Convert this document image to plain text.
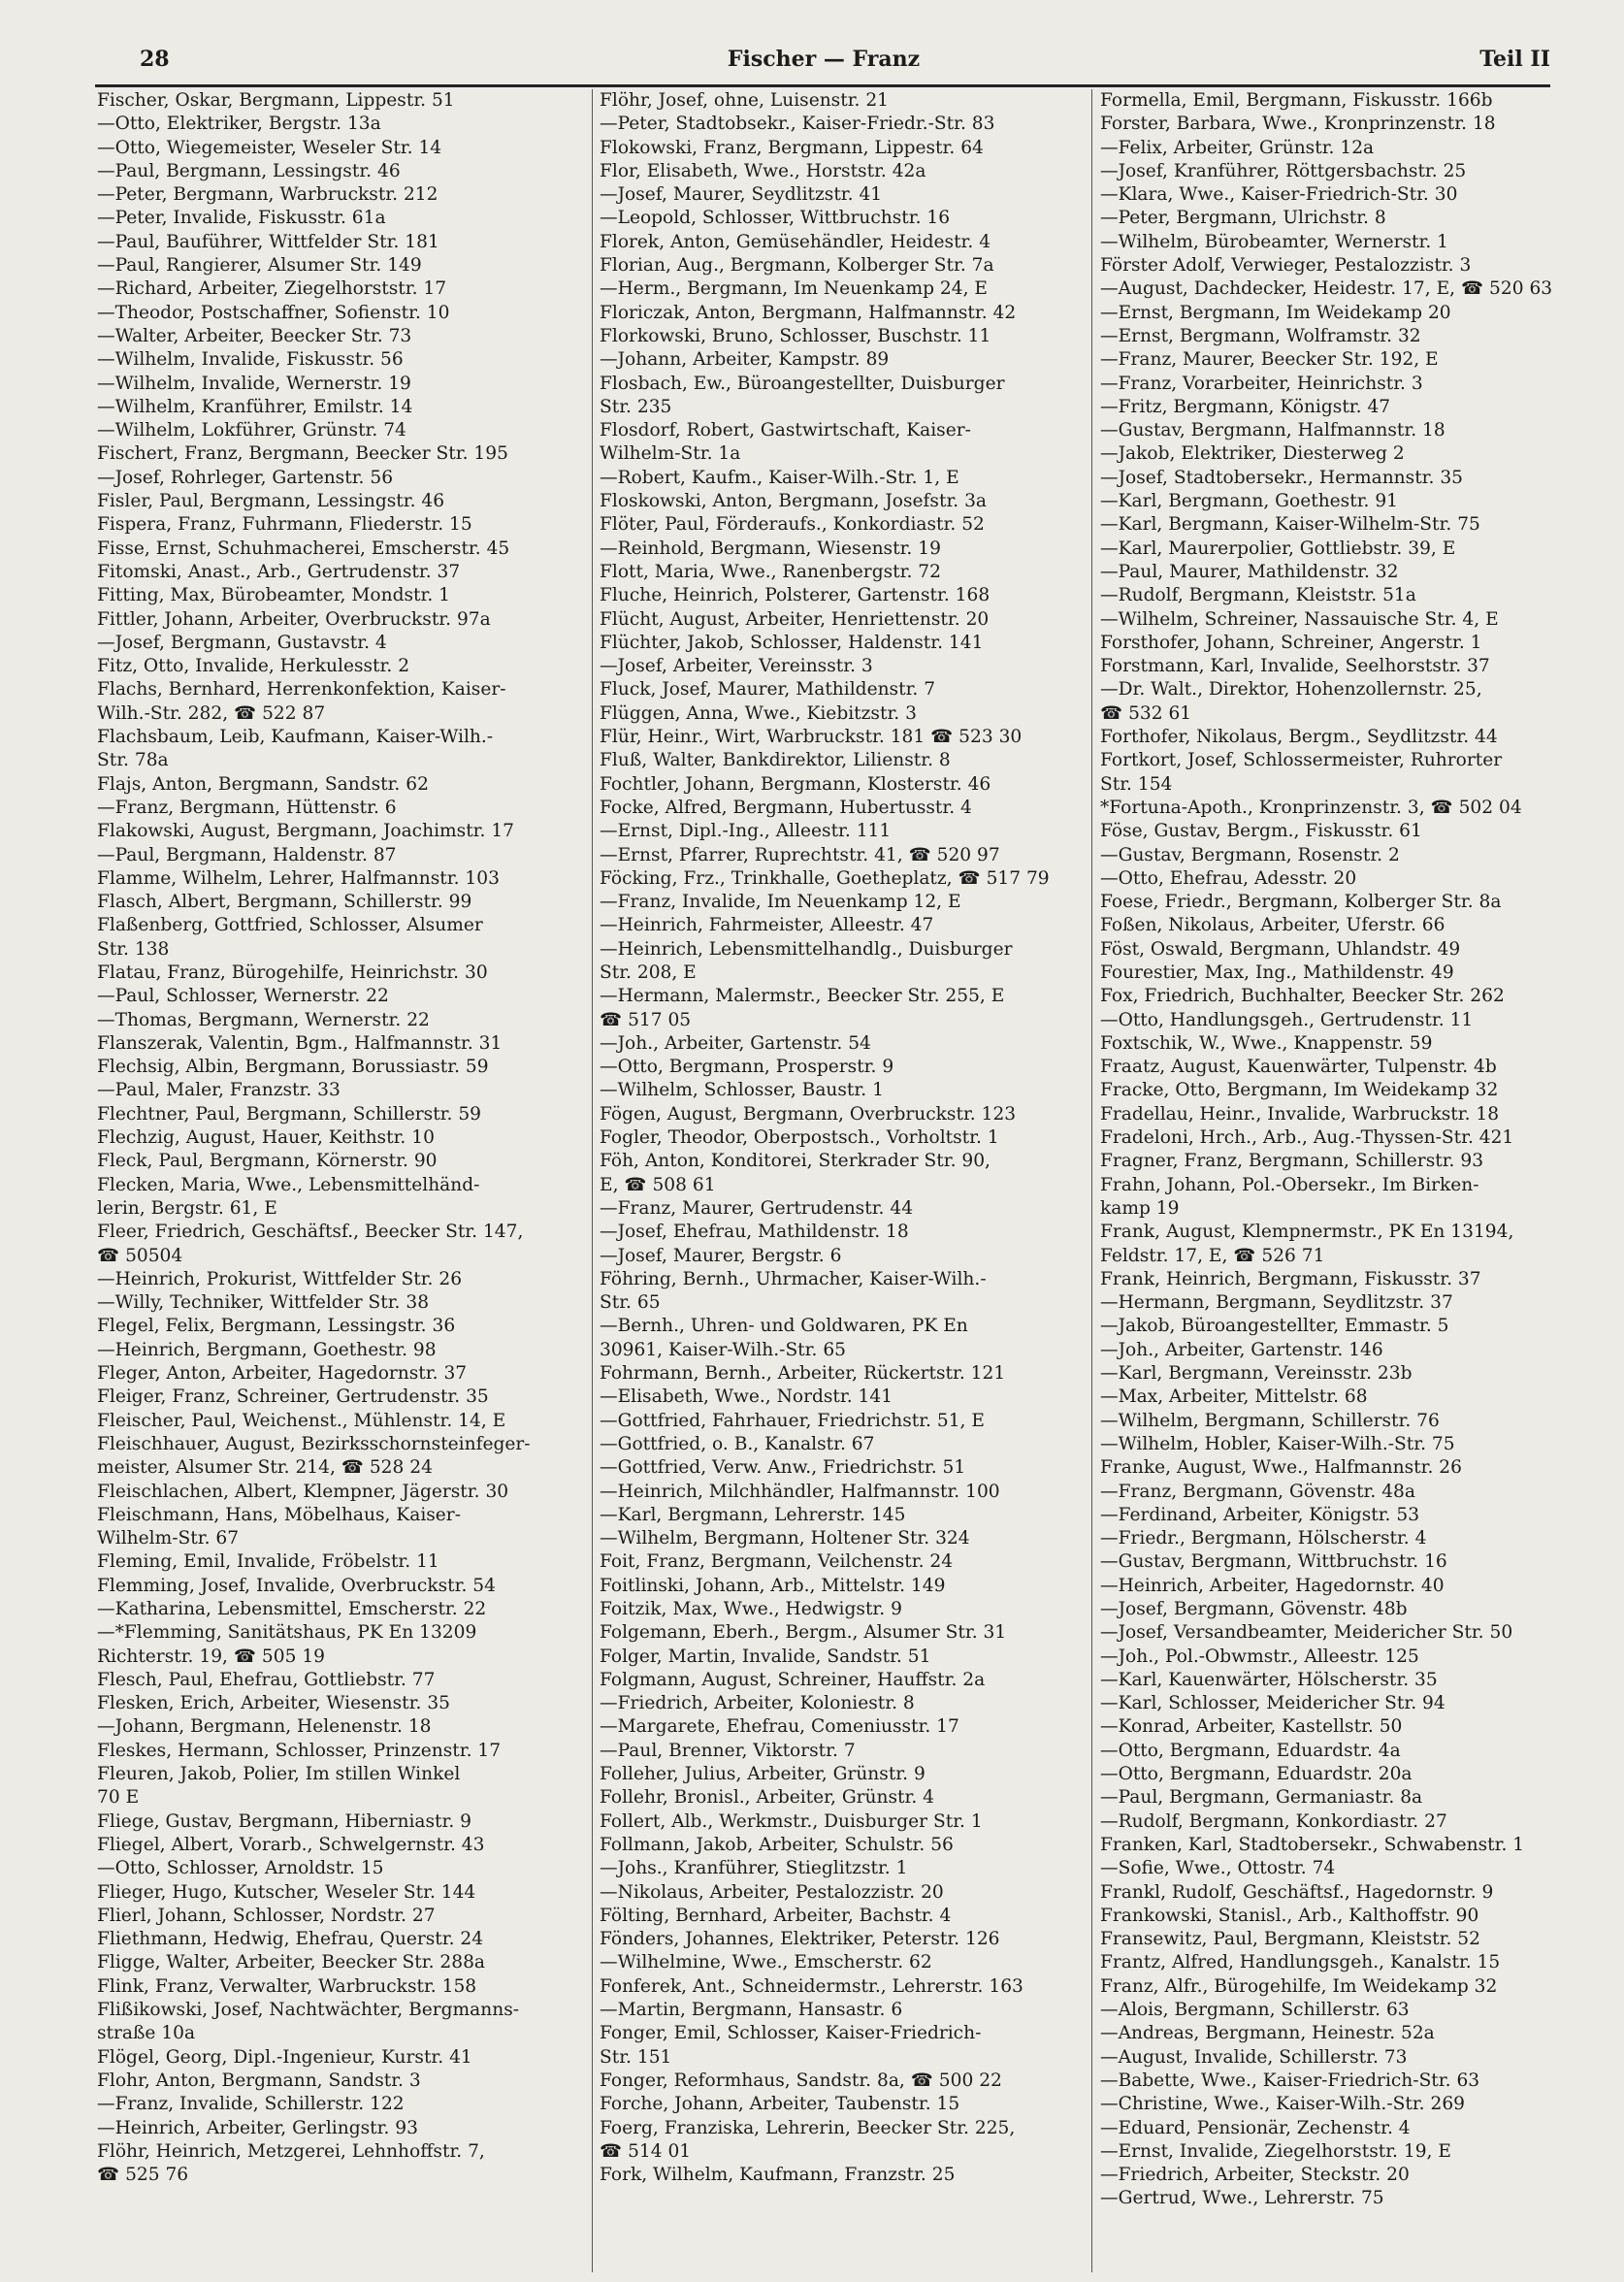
28	Fischer — Franz	Teil II
Fischer, Oskar, Bergmann, Lippestr. 51
—Otto, Elektriker, Bergstr. 13a
—Otto, Wiegemeister, Weseler Str. 14
—Paul, Bergmann, Lessingstr. 46
—Peter, Bergmann, Warbruckstr. 212
—Peter, Invalide, Fiskusstr. 61a
—Paul, Bauführer, Wittfelder Str. 181
—Paul, Rangierer, Alsumer Str. 149
—Richard, Arbeiter, Ziegelhorststr. 17
—Theodor, Postschaffner, Sofienstr. 10
—Walter, Arbeiter, Beecker Str. 73
—Wilhelm, Invalide, Fiskusstr. 56
—Wilhelm, Invalide, Wernerstr. 19
—Wilhelm, Kranführer, Emilstr. 14
—Wilhelm, Lokführer, Grünstr. 74
Fischert, Franz, Bergmann, Beecker Str. 195
—Josef, Rohrleger, Gartenstr. 56
Fisler, Paul, Bergmann, Lessingstr. 46
Fispera, Franz, Fuhrmann, Fliederstr. 15
Fisse, Ernst, Schuhmacherei, Emscherstr. 45
Fitomski, Anast., Arb., Gertrudenstr. 37
Fitting, Max, Bürobeamter, Mondstr. 1
Fittler, Johann, Arbeiter, Overbruckstr. 97a
—Josef, Bergmann, Gustavstr. 4
Fitz, Otto, Invalide, Herkulesstr. 2
Flachs, Bernhard, Herrenkonfektion, Kaiser-
Wilh.-Str. 282, ☎ 522 87
Flachsbaum, Leib, Kaufmann, Kaiser-Wilh.-
Str. 78a
Flajs, Anton, Bergmann, Sandstr. 62
—Franz, Bergmann, Hüttenstr. 6
Flakowski, August, Bergmann, Joachimstr. 17
—Paul, Bergmann, Haldenstr. 87
Flamme, Wilhelm, Lehrer, Halfmannstr. 103
Flasch, Albert, Bergmann, Schillerstr. 99
Flaßenberg, Gottfried, Schlosser, Alsumer
Str. 138
Flatau, Franz, Bürogehilfe, Heinrichstr. 30
—Paul, Schlosser, Wernerstr. 22
—Thomas, Bergmann, Wernerstr. 22
Flanszerak, Valentin, Bgm., Halfmannstr. 31
Flechsig, Albin, Bergmann, Borussiastr. 59
—Paul, Maler, Franzstr. 33
Flechtner, Paul, Bergmann, Schillerstr. 59
Flechzig, August, Hauer, Keithstr. 10
Fleck, Paul, Bergmann, Körnerstr. 90
Flecken, Maria, Wwe., Lebensmittelhänd-
lerin, Bergstr. 61, E
Fleer, Friedrich, Geschäftsf., Beecker Str. 147,
☎ 50504
—Heinrich, Prokurist, Wittfelder Str. 26
—Willy, Techniker, Wittfelder Str. 38
Flegel, Felix, Bergmann, Lessingstr. 36
—Heinrich, Bergmann, Goethestr. 98
Fleger, Anton, Arbeiter, Hagedornstr. 37
Fleiger, Franz, Schreiner, Gertrudenstr. 35
Fleischer, Paul, Weichenst., Mühlenstr. 14, E
Fleischhauer, August, Bezirksschornsteinfeger-
meister, Alsumer Str. 214, ☎ 528 24
Fleischlachen, Albert, Klempner, Jägerstr. 30
Fleischmann, Hans, Möbelhaus, Kaiser-
Wilhelm-Str. 67
Fleming, Emil, Invalide, Fröbelstr. 11
Flemming, Josef, Invalide, Overbruckstr. 54
—Katharina, Lebensmittel, Emscherstr. 22
—*Flemming, Sanitätshaus, PK En 13209
Richterstr. 19, ☎ 505 19
Flesch, Paul, Ehefrau, Gottliebstr. 77
Flesken, Erich, Arbeiter, Wiesenstr. 35
—Johann, Bergmann, Helenenstr. 18
Fleskes, Hermann, Schlosser, Prinzenstr. 17
Fleuren, Jakob, Polier, Im stillen Winkel
70 E
Fliege, Gustav, Bergmann, Hiberniastr. 9
Fliegel, Albert, Vorarb., Schwelgernstr. 43
—Otto, Schlosser, Arnoldstr. 15
Flieger, Hugo, Kutscher, Weseler Str. 144
Flierl, Johann, Schlosser, Nordstr. 27
Fliethmann, Hedwig, Ehefrau, Querstr. 24
Fligge, Walter, Arbeiter, Beecker Str. 288a
Flink, Franz, Verwalter, Warbruckstr. 158
Flißikowski, Josef, Nachtwächter, Bergmanns-
straße 10a
Flögel, Georg, Dipl.-Ingenieur, Kurstr. 41
Flohr, Anton, Bergmann, Sandstr. 3
—Franz, Invalide, Schillerstr. 122
—Heinrich, Arbeiter, Gerlingstr. 93
Flöhr, Heinrich, Metzgerei, Lehnhoffstr. 7,
☎ 525 76
Flöhr, Josef, ohne, Luisenstr. 21
—Peter, Stadtobsekr., Kaiser-Friedr.-Str. 83
Flokowski, Franz, Bergmann, Lippestr. 64
Flor, Elisabeth, Wwe., Horststr. 42a
—Josef, Maurer, Seydlitzstr. 41
—Leopold, Schlosser, Wittbruchstr. 16
Florek, Anton, Gemüsehändler, Heidestr. 4
Florian, Aug., Bergmann, Kolberger Str. 7a
—Herm., Bergmann, Im Neuenkamp 24, E
Floriczak, Anton, Bergmann, Halfmannstr. 42
Florkowski, Bruno, Schlosser, Buschstr. 11
—Johann, Arbeiter, Kampstr. 89
Flosbach, Ew., Büroangestellter, Duisburger
Str. 235
Flosdorf, Robert, Gastwirtschaft, Kaiser-
Wilhelm-Str. 1a
—Robert, Kaufm., Kaiser-Wilh.-Str. 1, E
Floskowski, Anton, Bergmann, Josefstr. 3a
Flöter, Paul, Förderaufs., Konkordiastr. 52
—Reinhold, Bergmann, Wiesenstr. 19
Flott, Maria, Wwe., Ranenbergstr. 72
Fluche, Heinrich, Polsterer, Gartenstr. 168
Flücht, August, Arbeiter, Henriettenstr. 20
Flüchter, Jakob, Schlosser, Haldenstr. 141
—Josef, Arbeiter, Vereinsstr. 3
Fluck, Josef, Maurer, Mathildenstr. 7
Flüggen, Anna, Wwe., Kiebitzstr. 3
Flür, Heinr., Wirt, Warbruckstr. 181 ☎ 523 30
Fluß, Walter, Bankdirektor, Lilienstr. 8
Fochtler, Johann, Bergmann, Klosterstr. 46
Focke, Alfred, Bergmann, Hubertusstr. 4
—Ernst, Dipl.-Ing., Alleestr. 111
—Ernst, Pfarrer, Ruprechtstr. 41, ☎ 520 97
Föcking, Frz., Trinkhalle, Goetheplatz, ☎ 517 79
—Franz, Invalide, Im Neuenkamp 12, E
—Heinrich, Fahrmeister, Alleestr. 47
—Heinrich, Lebensmittelhandlg., Duisburger
Str. 208, E
—Hermann, Malermstr., Beecker Str. 255, E
☎ 517 05
—Joh., Arbeiter, Gartenstr. 54
—Otto, Bergmann, Prosperstr. 9
—Wilhelm, Schlosser, Baustr. 1
Fögen, August, Bergmann, Overbruckstr. 123
Fogler, Theodor, Oberpostsch., Vorholtstr. 1
Föh, Anton, Konditorei, Sterkrader Str. 90,
E, ☎ 508 61
—Franz, Maurer, Gertrudenstr. 44
—Josef, Ehefrau, Mathildenstr. 18
—Josef, Maurer, Bergstr. 6
Föhring, Bernh., Uhrmacher, Kaiser-Wilh.-
Str. 65
—Bernh., Uhren- und Goldwaren, PK En
30961, Kaiser-Wilh.-Str. 65
Fohrmann, Bernh., Arbeiter, Rückertstr. 121
—Elisabeth, Wwe., Nordstr. 141
—Gottfried, Fahrhauer, Friedrichstr. 51, E
—Gottfried, o. B., Kanalstr. 67
—Gottfried, Verw. Anw., Friedrichstr. 51
—Heinrich, Milchhändler, Halfmannstr. 100
—Karl, Bergmann, Lehrerstr. 145
—Wilhelm, Bergmann, Holtener Str. 324
Foit, Franz, Bergmann, Veilchenstr. 24
Foitlinski, Johann, Arb., Mittelstr. 149
Foitzik, Max, Wwe., Hedwigstr. 9
Folgemann, Eberh., Bergm., Alsumer Str. 31
Folger, Martin, Invalide, Sandstr. 51
Folgmann, August, Schreiner, Hauffstr. 2a
—Friedrich, Arbeiter, Koloniestr. 8
—Margarete, Ehefrau, Comeniusstr. 17
—Paul, Brenner, Viktorstr. 7
Folleher, Julius, Arbeiter, Grünstr. 9
Follehr, Bronisl., Arbeiter, Grünstr. 4
Follert, Alb., Werkmstr., Duisburger Str. 1
Follmann, Jakob, Arbeiter, Schulstr. 56
—Johs., Kranführer, Stieglitzstr. 1
—Nikolaus, Arbeiter, Pestalozzistr. 20
Fölting, Bernhard, Arbeiter, Bachstr. 4
Fönders, Johannes, Elektriker, Peterstr. 126
—Wilhelmine, Wwe., Emscherstr. 62
Fonferek, Ant., Schneidermstr., Lehrerstr. 163
—Martin, Bergmann, Hansastr. 6
Fonger, Emil, Schlosser, Kaiser-Friedrich-
Str. 151
Fonger, Reformhaus, Sandstr. 8a, ☎ 500 22
Forche, Johann, Arbeiter, Taubenstr. 15
Foerg, Franziska, Lehrerin, Beecker Str. 225,
☎ 514 01
Fork, Wilhelm, Kaufmann, Franzstr. 25
Formella, Emil, Bergmann, Fiskusstr. 166b
Forster, Barbara, Wwe., Kronprinzenstr. 18
—Felix, Arbeiter, Grünstr. 12a
—Josef, Kranführer, Röttgersbachstr. 25
—Klara, Wwe., Kaiser-Friedrich-Str. 30
—Peter, Bergmann, Ulrichstr. 8
—Wilhelm, Bürobeamter, Wernerstr. 1
Förster Adolf, Verwieger, Pestalozzistr. 3
—August, Dachdecker, Heidestr. 17, E, ☎ 520 63
—Ernst, Bergmann, Im Weidekamp 20
—Ernst, Bergmann, Wolframstr. 32
—Franz, Maurer, Beecker Str. 192, E
—Franz, Vorarbeiter, Heinrichstr. 3
—Fritz, Bergmann, Königstr. 47
—Gustav, Bergmann, Halfmannstr. 18
—Jakob, Elektriker, Diesterweg 2
—Josef, Stadtobersekr., Hermannstr. 35
—Karl, Bergmann, Goethestr. 91
—Karl, Bergmann, Kaiser-Wilhelm-Str. 75
—Karl, Maurerpolier, Gottliebstr. 39, E
—Paul, Maurer, Mathildenstr. 32
—Rudolf, Bergmann, Kleiststr. 51a
—Wilhelm, Schreiner, Nassauische Str. 4, E
Forsthofer, Johann, Schreiner, Angerstr. 1
Forstmann, Karl, Invalide, Seelhorststr. 37
—Dr. Walt., Direktor, Hohenzollernstr. 25,
☎ 532 61
Forthofer, Nikolaus, Bergm., Seydlitzstr. 44
Fortkort, Josef, Schlossermeister, Ruhrorter
Str. 154
*Fortuna-Apoth., Kronprinzenstr. 3, ☎ 502 04
Föse, Gustav, Bergm., Fiskusstr. 61
—Gustav, Bergmann, Rosenstr. 2
—Otto, Ehefrau, Adesstr. 20
Foese, Friedr., Bergmann, Kolberger Str. 8a
Foßen, Nikolaus, Arbeiter, Uferstr. 66
Föst, Oswald, Bergmann, Uhlandstr. 49
Fourestier, Max, Ing., Mathildenstr. 49
Fox, Friedrich, Buchhalter, Beecker Str. 262
—Otto, Handlungsgeh., Gertrudenstr. 11
Foxtschik, W., Wwe., Knappenstr. 59
Fraatz, August, Kauenwärter, Tulpenstr. 4b
Fracke, Otto, Bergmann, Im Weidekamp 32
Fradellau, Heinr., Invalide, Warbruckstr. 18
Fradeloni, Hrch., Arb., Aug.-Thyssen-Str. 421
Fragner, Franz, Bergmann, Schillerstr. 93
Frahn, Johann, Pol.-Obersekr., Im Birken-
kamp 19
Frank, August, Klempnermstr., PK En 13194,
Feldstr. 17, E, ☎ 526 71
Frank, Heinrich, Bergmann, Fiskusstr. 37
—Hermann, Bergmann, Seydlitzstr. 37
—Jakob, Büroangestellter, Emmastr. 5
—Joh., Arbeiter, Gartenstr. 146
—Karl, Bergmann, Vereinsstr. 23b
—Max, Arbeiter, Mittelstr. 68
—Wilhelm, Bergmann, Schillerstr. 76
—Wilhelm, Hobler, Kaiser-Wilh.-Str. 75
Franke, August, Wwe., Halfmannstr. 26
—Franz, Bergmann, Gövenstr. 48a
—Ferdinand, Arbeiter, Königstr. 53
—Friedr., Bergmann, Hölscherstr. 4
—Gustav, Bergmann, Wittbruchstr. 16
—Heinrich, Arbeiter, Hagedornstr. 40
—Josef, Bergmann, Gövenstr. 48b
—Josef, Versandbeamter, Meidericher Str. 50
—Joh., Pol.-Obwmstr., Alleestr. 125
—Karl, Kauenwärter, Hölscherstr. 35
—Karl, Schlosser, Meidericher Str. 94
—Konrad, Arbeiter, Kastellstr. 50
—Otto, Bergmann, Eduardstr. 4a
—Otto, Bergmann, Eduardstr. 20a
—Paul, Bergmann, Germaniastr. 8a
—Rudolf, Bergmann, Konkordiastr. 27
Franken, Karl, Stadtobersekr., Schwabenstr. 1
—Sofie, Wwe., Ottostr. 74
Frankl, Rudolf, Geschäftsf., Hagedornstr. 9
Frankowski, Stanisl., Arb., Kalthoffstr. 90
Fransewitz, Paul, Bergmann, Kleiststr. 52
Frantz, Alfred, Handlungsgeh., Kanalstr. 15
Franz, Alfr., Bürogehilfe, Im Weidekamp 32
—Alois, Bergmann, Schillerstr. 63
—Andreas, Bergmann, Heinestr. 52a
—August, Invalide, Schillerstr. 73
—Babette, Wwe., Kaiser-Friedrich-Str. 63
—Christine, Wwe., Kaiser-Wilh.-Str. 269
—Eduard, Pensionär, Zechenstr. 4
—Ernst, Invalide, Ziegelhorststr. 19, E
—Friedrich, Arbeiter, Steckstr. 20
—Gertrud, Wwe., Lehrerstr. 75
